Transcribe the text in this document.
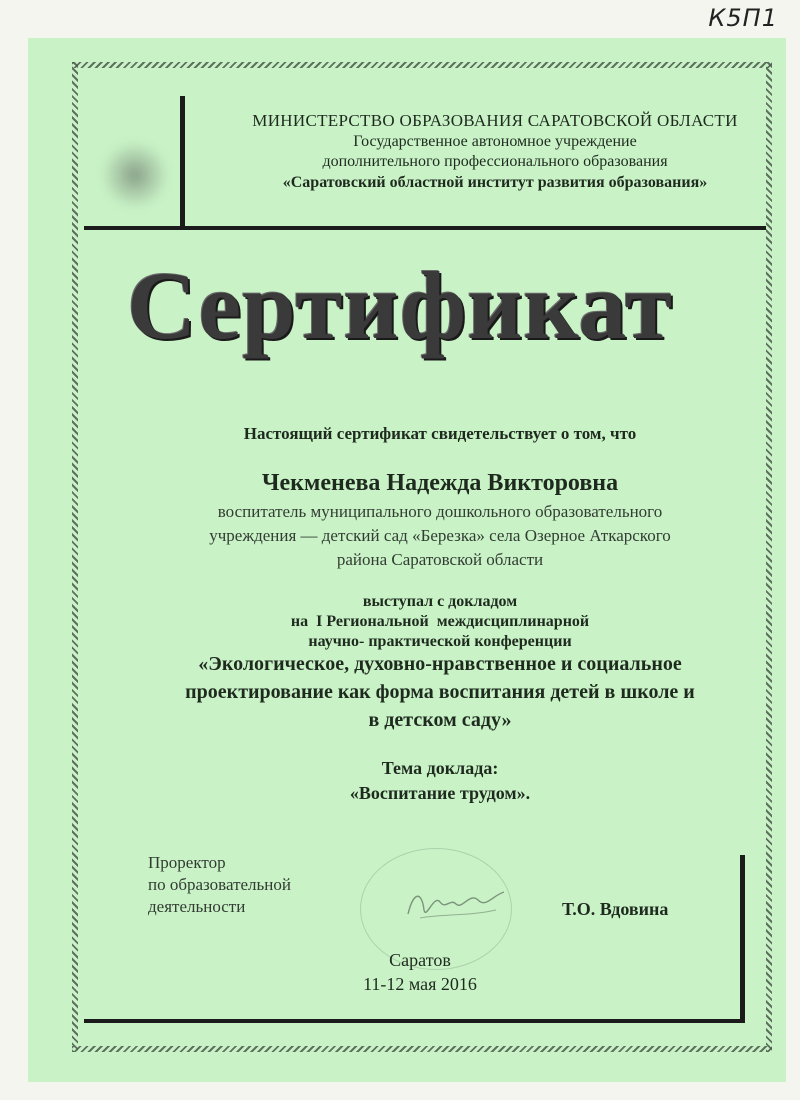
К5П1
МИНИСТЕРСТВО ОБРАЗОВАНИЯ САРАТОВСКОЙ ОБЛАСТИ
Государственное автономное учреждение
дополнительного профессионального образования
«Саратовский областной институт развития образования»
Сертификат
Настоящий сертификат свидетельствует о том, что
Чекменева Надежда Викторовна
воспитатель муниципального дошкольного образовательного
учреждения — детский сад «Березка» села Озерное Аткарского
района Саратовской области
выступал с докладом
на  I Региональной  междисциплинарной
научно- практической конференции
«Экологическое, духовно-нравственное и социальное
проектирование как форма воспитания детей в школе и
в детском саду»
Тема доклада:
«Воспитание трудом».
Проректор
по образовательной
деятельности	Т.О. Вдовина
Саратов
11-12 мая 2016
